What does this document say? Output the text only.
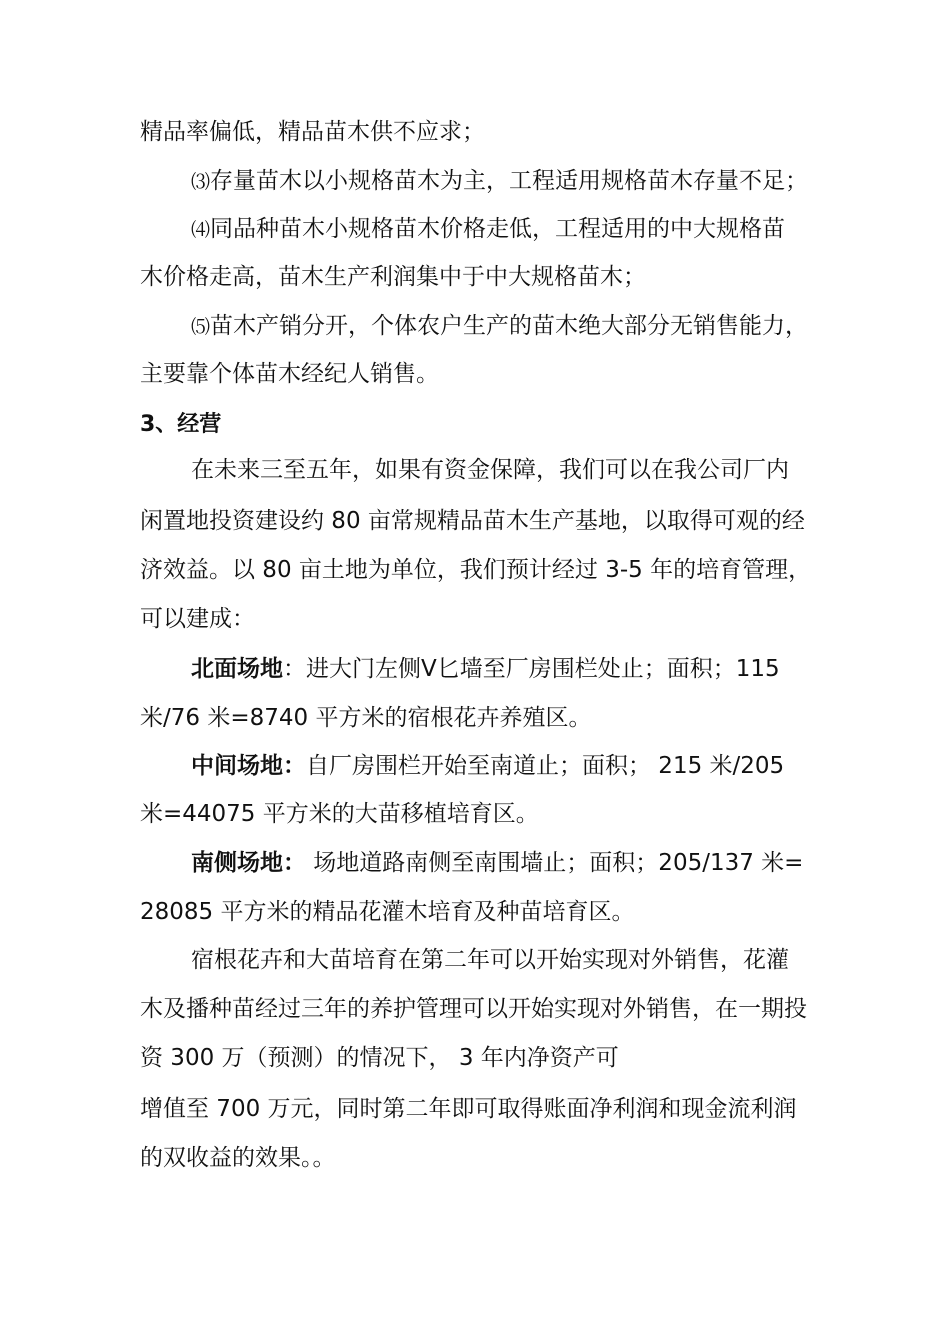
精品率偏低，精品苗木供不应求；
⑶存量苗木以小规格苗木为主，工程适用规格苗木存量不足；
⑷同品种苗木小规格苗木价格走低，工程适用的中大规格苗
木价格走高，苗木生产利润集中于中大规格苗木；
⑸苗木产销分开，个体农户生产的苗木绝大部分无销售能力，
主要靠个体苗木经纪人销售。
3、经营
在未来三至五年，如果有资金保障，我们可以在我公司厂内
闲置地投资建设约 80 亩常规精品苗木生产基地，以取得可观的经
济效益。以 80 亩土地为单位，我们预计经过 3-5 年的培育管理，
可以建成：
北面场地：进大门左侧Ⅴ匕墙至厂房围栏处止；面积；115
米/76 米=8740 平方米的宿根花卉养殖区。
中间场地：自厂房围栏开始至南道止；面积； 215 米/205
米=44075 平方米的大苗移植培育区。
南侧场地： 场地道路南侧至南围墙止；面积；205/137 米=
28085 平方米的精品花灌木培育及种苗培育区。
宿根花卉和大苗培育在第二年可以开始实现对外销售，花灌
木及播种苗经过三年的养护管理可以开始实现对外销售，在一期投
资 300 万（预测）的情况下， 3 年内净资产可
增值至 700 万元，同时第二年即可取得账面净利润和现金流利润
的双收益的效果。。
